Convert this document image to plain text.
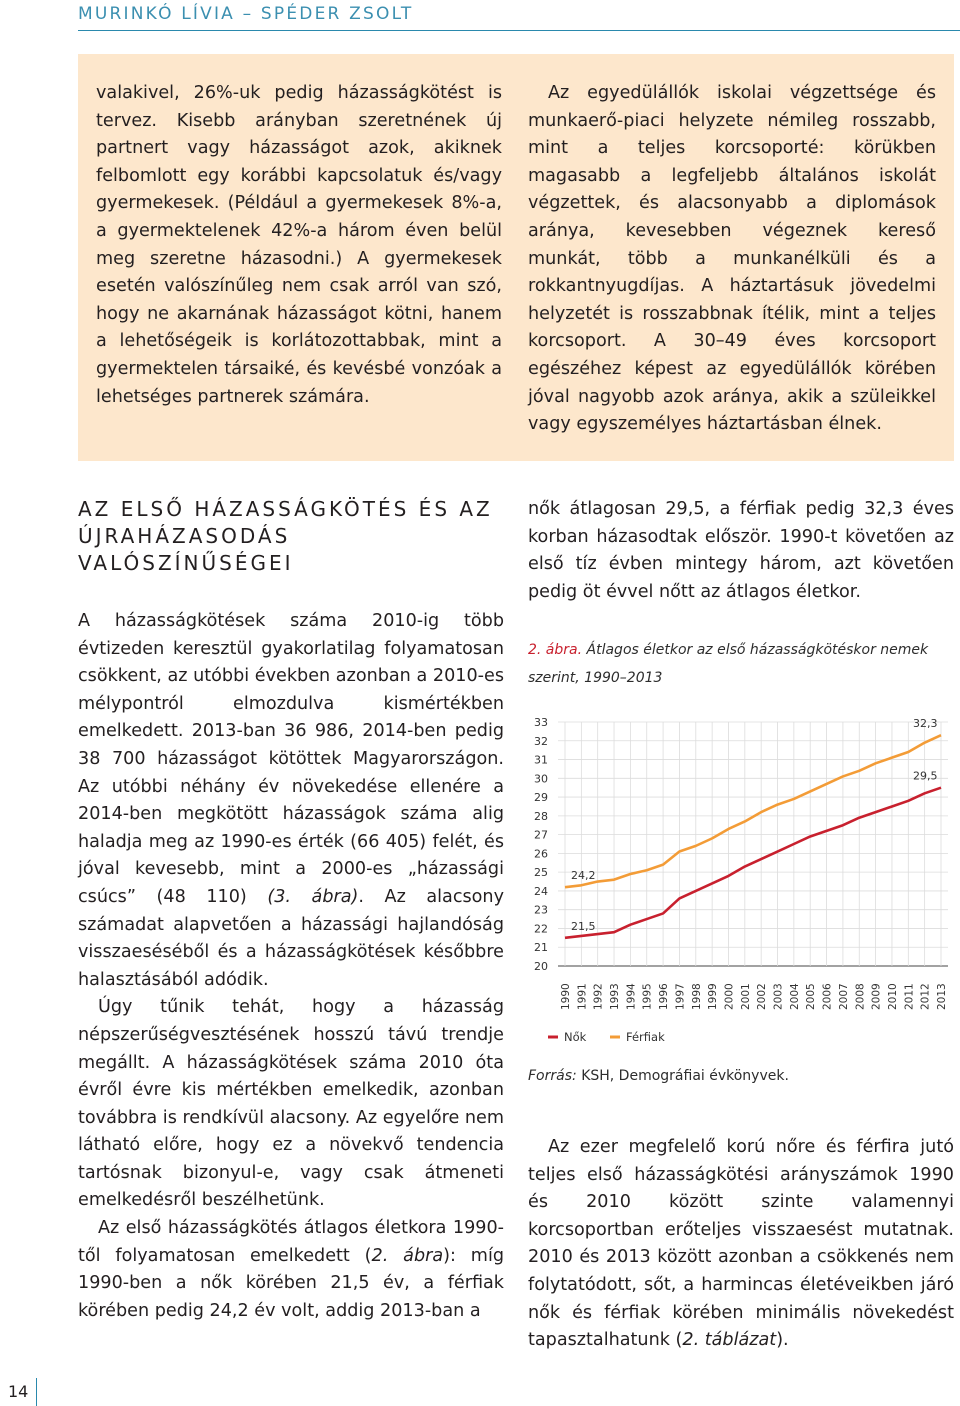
MURINKÓ LÍVIA – SPÉDER ZSOLT

valakivel, 26%-uk pedig házasságkötést is tervez. Kisebb arányban szeretnének új partnert vagy házasságot azok, akiknek felbomlott egy korábbi kapcsolatuk és/vagy gyermekesek. (Például a gyermekesek 8%-a, a gyermektelenek 42%-a három éven belül meg szeretne házasodni.) A gyermekesek esetén valószínűleg nem csak arról van szó, hogy ne akarnának házasságot kötni, hanem a lehetőségeik is korlátozottabbak, mint a gyermektelen társaiké, és kevésbé vonzóak a lehetséges partnerek számára.

Az egyedülállók iskolai végzettsége és munkaerő-piaci helyzete némileg rosszabb, mint a teljes korcsoporté: körükben magasabb a legfeljebb általános iskolát végzettek, és alacsonyabb a diplomások aránya, kevesebben végeznek kereső munkát, több a munkanélküli és a rokkantnyugdíjas. A háztartásuk jövedelmi helyzetét is rosszabbnak ítélik, mint a teljes korcsoport. A 30–49 éves korcsoport egészéhez képest az egyedülállók körében jóval nagyobb azok aránya, akik a szüleikkel vagy egyszemélyes háztartásban élnek.

AZ ELSŐ HÁZASSÁGKÖTÉS ÉS AZ ÚJRAHÁZASODÁS VALÓSZÍNŰSÉGEI

A házasságkötések száma 2010-ig több évtizeden keresztül gyakorlatilag folyamatosan csökkent, az utóbbi években azonban a 2010-es mélypontról elmozdulva kismértékben emelkedett. 2013-ban 36 986, 2014-ben pedig 38 700 házasságot kötöttek Magyarországon. Az utóbbi néhány év növekedése ellenére a 2014-ben megkötött házasságok száma alig haladja meg az 1990-es érték (66 405) felét, és jóval kevesebb, mint a 2000-es „házassági csúcs” (48 110) (3. ábra). Az alacsony számadat alapvetően a házassági hajlandóság visszaeséséből és a házasságkötések későbbre halasztásából adódik.

Úgy tűnik tehát, hogy a házasság népszerűségvesztésének hosszú távú trendje megállt. A házasságkötések száma 2010 óta évről évre kis mértékben emelkedik, azonban továbbra is rendkívül alacsony. Az egyelőre nem látható előre, hogy ez a növekvő tendencia tartósnak bizonyul-e, vagy csak átmeneti emelkedésről beszélhetünk.

Az első házasságkötés átlagos életkora 1990-től folyamatosan emelkedett (2. ábra): míg 1990-ben a nők körében 21,5 év, a férfiak körében pedig 24,2 év volt, addig 2013-ban a

nők átlagosan 29,5, a férfiak pedig 32,3 éves korban házasodtak először. 1990-t követően az első tíz évben mintegy három, azt követően pedig öt évvel nőtt az átlagos életkor.

2. ábra. Átlagos életkor az első házasságkötéskor nemek szerint, 1990–2013
20
21
22
23
24
25
26
27
28
29
30
31
32
33
1990 1991 1992 1993 1994 1995 1996 1997 1998 1999 2000 2001 2002 2003 2004 2005 2006 2007 2008 2009 2010 2011 2012 2013
21,5
29,5
24,2
32,3
Nők	Férfiak
Forrás: KSH, Demográfiai évkönyvek.

Az ezer megfelelő korú nőre és férfira jutó teljes első házasságkötési arányszámok 1990 és 2010 között szinte valamennyi korcsoportban erőteljes visszaesést mutatnak. 2010 és 2013 között azonban a csökkenés nem folytatódott, sőt, a harmincas életéveikben járó nők és férfiak körében minimális növekedést tapasztalhatunk (2. táblázat).

14
